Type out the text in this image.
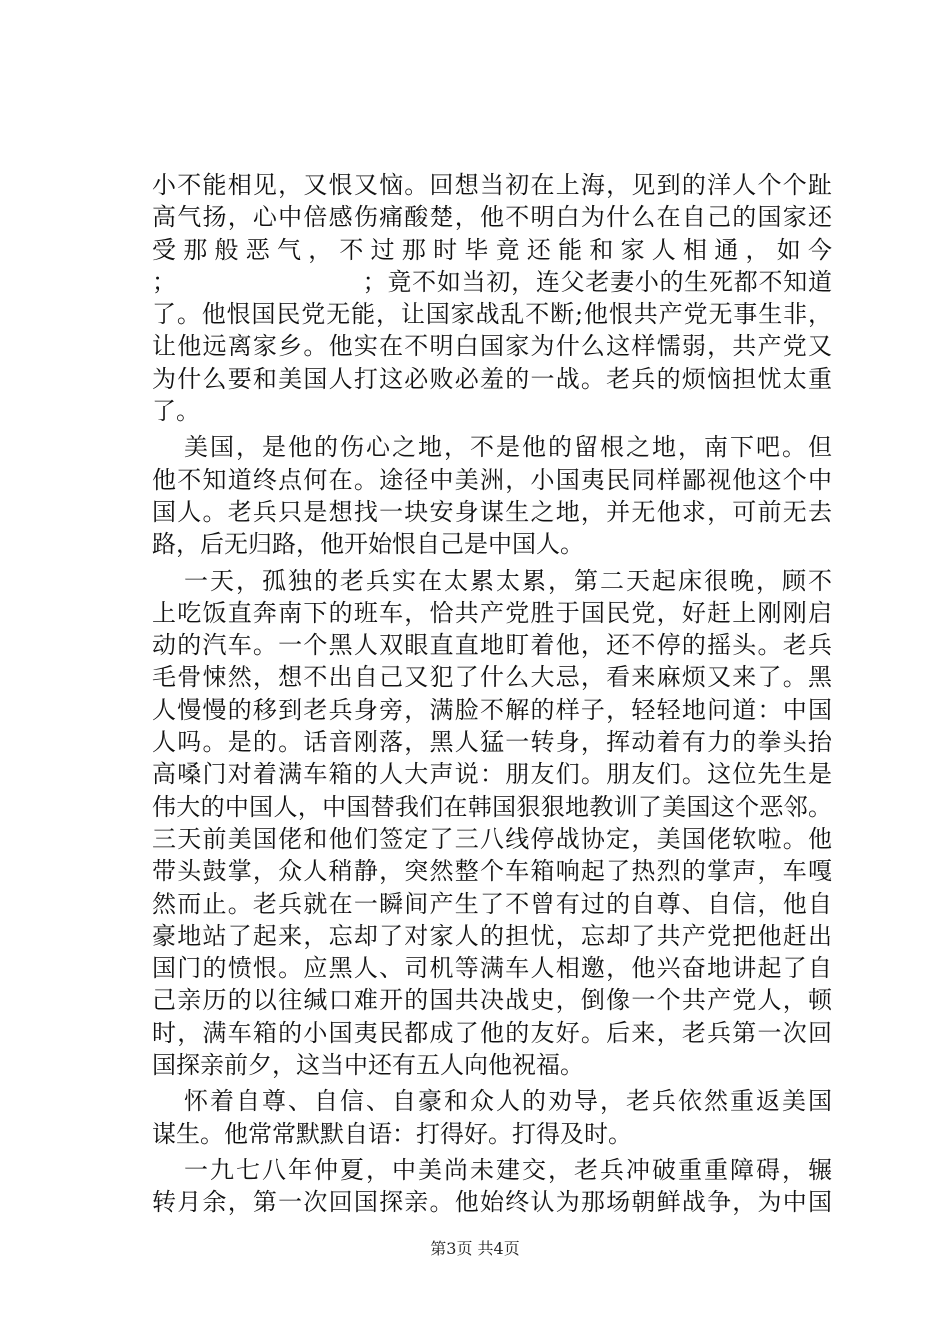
小不能相见，又恨又恼。回想当初在上海，见到的洋人个个趾
高气扬，心中倍感伤痛酸楚，他不明白为什么在自己的国家还
受那般恶气，不过那时毕竟还能和家人相通，如今
；　　　　　　　　；竟不如当初，连父老妻小的生死都不知道
了。他恨国民党无能，让国家战乱不断;他恨共产党无事生非，
让他远离家乡。他实在不明白国家为什么这样懦弱，共产党又
为什么要和美国人打这必败必羞的一战。老兵的烦恼担忧太重
了。
美国，是他的伤心之地，不是他的留根之地，南下吧。但
他不知道终点何在。途径中美洲，小国夷民同样鄙视他这个中
国人。老兵只是想找一块安身谋生之地，并无他求，可前无去
路，后无归路，他开始恨自己是中国人。
一天，孤独的老兵实在太累太累，第二天起床很晚，顾不
上吃饭直奔南下的班车，恰共产党胜于国民党，好赶上刚刚启
动的汽车。一个黑人双眼直直地盯着他，还不停的摇头。老兵
毛骨悚然，想不出自己又犯了什么大忌，看来麻烦又来了。黑
人慢慢的移到老兵身旁，满脸不解的样子，轻轻地问道：中国
人吗。是的。话音刚落，黑人猛一转身，挥动着有力的拳头抬
高嗓门对着满车箱的人大声说：朋友们。朋友们。这位先生是
伟大的中国人，中国替我们在韩国狠狠地教训了美国这个恶邻。
三天前美国佬和他们签定了三八线停战协定，美国佬软啦。他
带头鼓掌，众人稍静，突然整个车箱响起了热烈的掌声，车嘎
然而止。老兵就在一瞬间产生了不曾有过的自尊、自信，他自
豪地站了起来，忘却了对家人的担忧，忘却了共产党把他赶出
国门的愤恨。应黑人、司机等满车人相邀，他兴奋地讲起了自
己亲历的以往缄口难开的国共决战史，倒像一个共产党人，顿
时，满车箱的小国夷民都成了他的友好。后来，老兵第一次回
国探亲前夕，这当中还有五人向他祝福。
怀着自尊、自信、自豪和众人的劝导，老兵依然重返美国
谋生。他常常默默自语：打得好。打得及时。
一九七八年仲夏，中美尚未建交，老兵冲破重重障碍，辗
转月余，第一次回国探亲。他始终认为那场朝鲜战争，为中国
第3页 共4页
